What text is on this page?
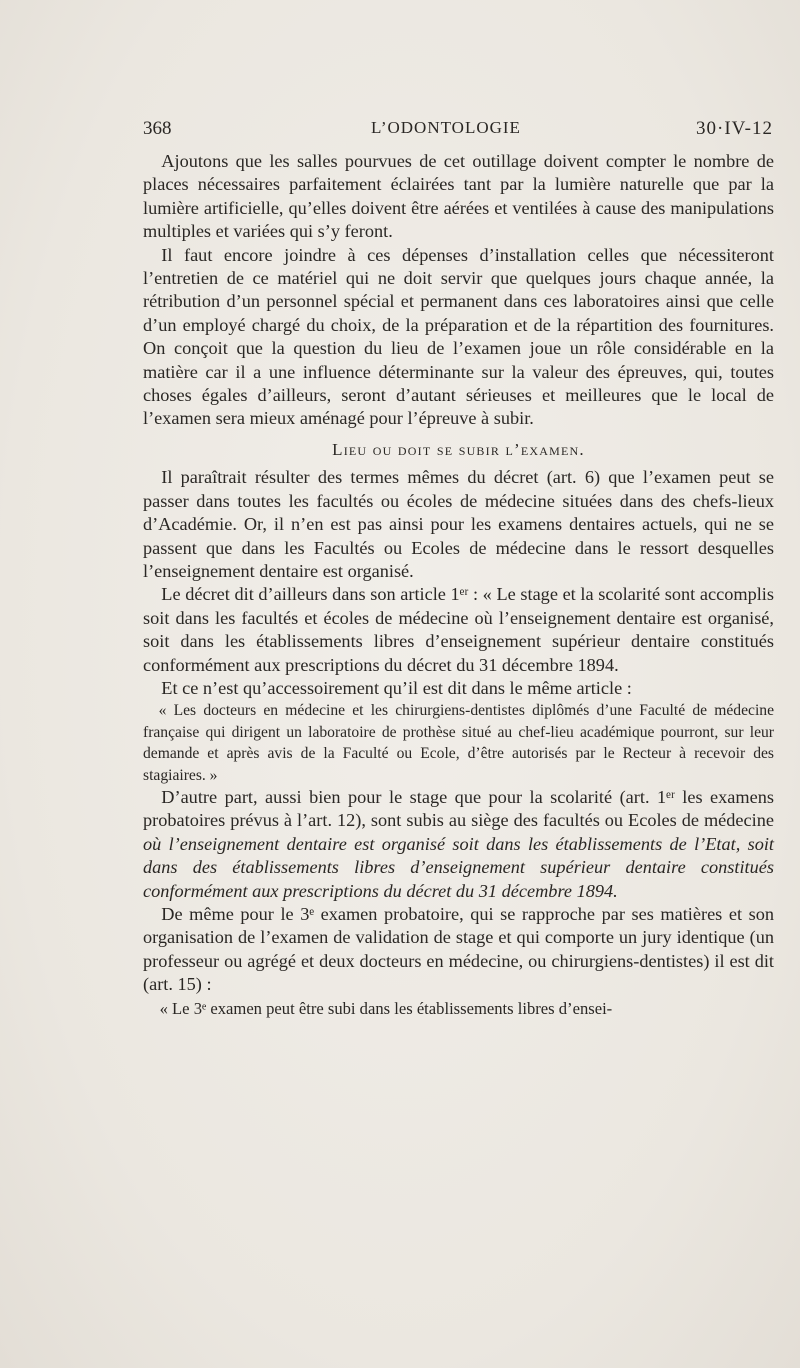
368	L’ODONTOLOGIE	30·IV-12

 Ajoutons que les salles pourvues de cet outillage doivent compter le nombre de places nécessaires parfaitement éclairées tant par la lumière naturelle que par la lumière artificielle, qu’elles doivent être aérées et ventilées à cause des manipulations multiples et variées qui s’y feront.

 Il faut encore joindre à ces dépenses d’installation celles que nécessiteront l’entretien de ce matériel qui ne doit servir que quelques jours chaque année, la rétribution d’un personnel spécial et permanent dans ces laboratoires ainsi que celle d’un employé chargé du choix, de la préparation et de la répartition des fournitures. On conçoit que la question du lieu de l’examen joue un rôle considérable en la matière car il a une influence déterminante sur la valeur des épreuves, qui, toutes choses égales d’ailleurs, seront d’autant sérieuses et meilleures que le local de l’examen sera mieux aménagé pour l’épreuve à subir.

Lieu ou doit se subir l’examen.

 Il paraîtrait résulter des termes mêmes du décret (art. 6) que l’examen peut se passer dans toutes les facultés ou écoles de médecine situées dans des chefs-lieux d’Académie. Or, il n’en est pas ainsi pour les examens dentaires actuels, qui ne se passent que dans les Facultés ou Ecoles de médecine dans le ressort desquelles l’enseignement dentaire est organisé.

 Le décret dit d’ailleurs dans son article 1ᵉʳ : « Le stage et la scolarité sont accomplis soit dans les facultés et écoles de médecine où l’enseignement dentaire est organisé, soit dans les établissements libres d’enseignement supérieur dentaire constitués conformément aux prescriptions du décret du 31 décembre 1894.

 Et ce n’est qu’accessoirement qu’il est dit dans le même article :

 « Les docteurs en médecine et les chirurgiens-dentistes diplômés d’une Faculté de médecine française qui dirigent un laboratoire de prothèse situé au chef-lieu académique pourront, sur leur demande et après avis de la Faculté ou Ecole, d’être autorisés par le Recteur à recevoir des stagiaires. »

 D’autre part, aussi bien pour le stage que pour la scolarité (art. 1ᵉʳ les examens probatoires prévus à l’art. 12), sont subis au siège des facultés ou Ecoles de médecine où l’enseignement dentaire est organisé soit dans les établissements de l’Etat, soit dans des établissements libres d’enseignement supérieur dentaire constitués conformément aux prescriptions du décret du 31 décembre 1894.

 De même pour le 3ᵉ examen probatoire, qui se rapproche par ses matières et son organisation de l’examen de validation de stage et qui comporte un jury identique (un professeur ou agrégé et deux docteurs en médecine, ou chirurgiens-dentistes) il est dit (art. 15) :

 « Le 3ᵉ examen peut être subi dans les établissements libres d’ensei-
